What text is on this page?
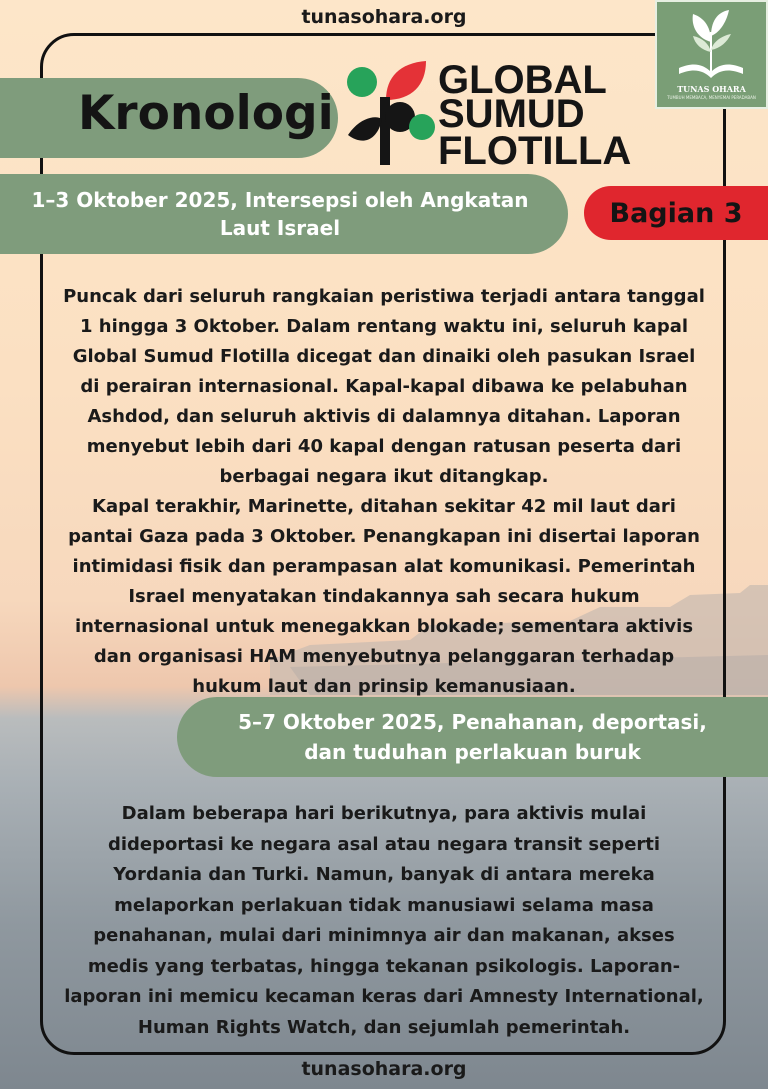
tunasohara.org
Kronologi
GLOBAL
SUMUD
FLOTILLA
TUNAS OHARA
TUMBUH MEMBACA, MENYEMAI PERADABAN
1–3 Oktober 2025, Intersepsi oleh Angkatan Laut Israel	Bagian 3

Puncak dari seluruh rangkaian peristiwa terjadi antara tanggal 1 hingga 3 Oktober. Dalam rentang waktu ini, seluruh kapal Global Sumud Flotilla dicegat dan dinaiki oleh pasukan Israel di perairan internasional. Kapal-kapal dibawa ke pelabuhan Ashdod, dan seluruh aktivis di dalamnya ditahan. Laporan menyebut lebih dari 40 kapal dengan ratusan peserta dari berbagai negara ikut ditangkap.

Kapal terakhir, Marinette, ditahan sekitar 42 mil laut dari pantai Gaza pada 3 Oktober. Penangkapan ini disertai laporan intimidasi fisik dan perampasan alat komunikasi. Pemerintah Israel menyatakan tindakannya sah secara hukum internasional untuk menegakkan blokade; sementara aktivis dan organisasi HAM menyebutnya pelanggaran terhadap hukum laut dan prinsip kemanusiaan.

5–7 Oktober 2025, Penahanan, deportasi, dan tuduhan perlakuan buruk

Dalam beberapa hari berikutnya, para aktivis mulai dideportasi ke negara asal atau negara transit seperti Yordania dan Turki. Namun, banyak di antara mereka melaporkan perlakuan tidak manusiawi selama masa penahanan, mulai dari minimnya air dan makanan, akses medis yang terbatas, hingga tekanan psikologis. Laporan-laporan ini memicu kecaman keras dari Amnesty International, Human Rights Watch, dan sejumlah pemerintah.

tunasohara.org
